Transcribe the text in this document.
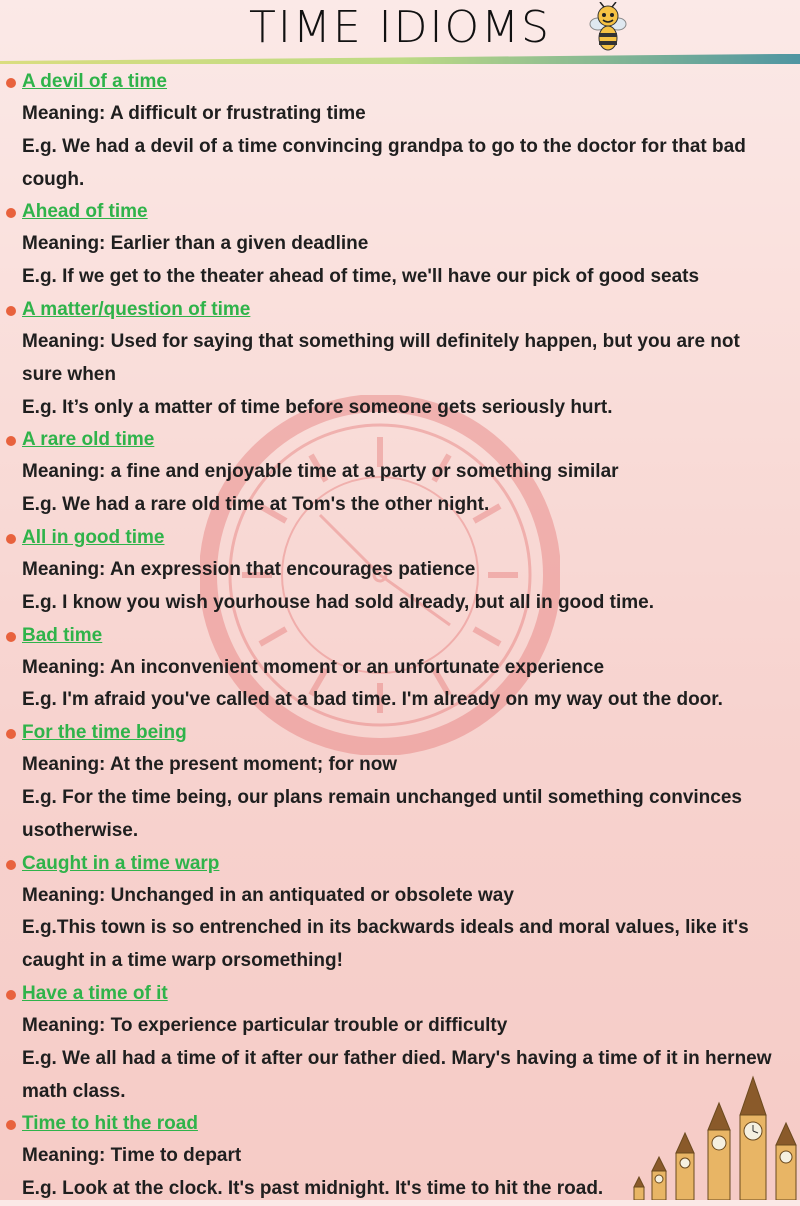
TIME IDIOMS
A devil of a time
Meaning: A difficult or frustrating time
E.g. We had a devil of a time convincing grandpa to go to the doctor for that bad cough.
Ahead of time
Meaning: Earlier than a given deadline
E.g. If we get to the theater ahead of time, we'll have our pick of good seats
A matter/question of time
Meaning: Used for saying that something will definitely happen, but you are not sure when
E.g. It’s only a matter of time before someone gets seriously hurt.
A rare old time
Meaning: a fine and enjoyable time at a party or something similar
E.g. We had a rare old time at Tom's the other night.
All in good time
Meaning: An expression that encourages patience
E.g. I know you wish yourhouse had sold already, but all in good time.
Bad time
Meaning: An inconvenient moment or an unfortunate experience
E.g. I'm afraid you've called at a bad time. I'm already on my way out the door.
For the time being
Meaning: At the present moment; for now
E.g. For the time being, our plans remain unchanged until something convinces usotherwise.
Caught in a time warp
Meaning: Unchanged in an antiquated or obsolete way
E.g.This town is so entrenched in its backwards ideals and moral values, like it's caught in a time warp orsomething!
Have a time of it
Meaning: To experience particular trouble or difficulty
E.g. We all had a time of it after our father died. Mary's having a time of it in hernew math class.
Time to hit the road
Meaning: Time to depart
E.g. Look at the clock. It's past midnight. It's time to hit the road.
